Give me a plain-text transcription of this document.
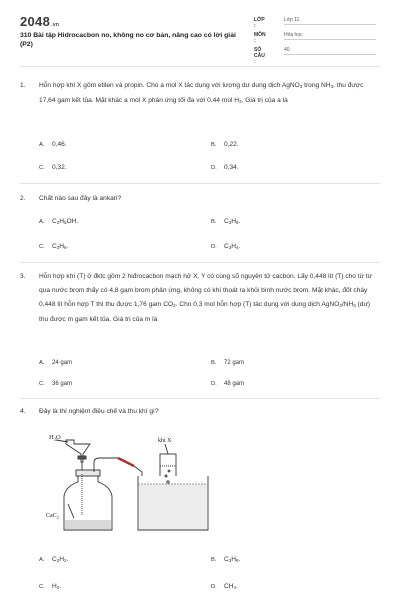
2048.vn
310 Bài tập Hidrocacbon no, không no cơ bản, nâng cao có lời giải (P2)
LỚP :
Lớp 11
MÔN :
Hóa học
SỐ CÂU :
40
1. Hỗn hợp khí X gồm etilen và propin. Cho a mol X tác dụng với lượng dư dung dịch AgNO$_3$ trong $NH_3$, thu được 17,64 gam kết tủa. Mặt khác a mol X phản ứng tối đa với 0,44 mol $H_2$. Giá trị của a là
A. 0,46.	B. 0,22.
C. 0,32.	D. 0,34.
2. Chất nào sau đây là ankan?
A. $C_2H_5OH$.	B. $C_3H_8$.
C. $C_3H_6$.	D. $C_3H_4$.
3. Hỗn hợp khí (T) ở đktc gồm 2 hiđrocacbon mạch hở X, Y có cùng số nguyên tử cacbon. Lấy 0,448 lít (T) cho từ từ qua nước brom thấy có 4,8 gam brom phản ứng, không có khí thoát ra khỏi bình nước brom. Mặt khác, đốt cháy 0,448 lít hỗn hợp T thì thu được 1,76 gam $CO_2$. Cho 0,3 mol hỗn hợp (T) tác dụng với dung dịch $AgNO_3/NH_3$ (dư) thu được m gam kết tủa. Giá trị của m là
A. 24 gam	B. 72 gam
C. 36 gam	D. 48 gam
4. Đây là thí nghiệm điều chế và thu khí gì?
$H_2O$	khí X
CaC$_2$
A. $C_2H_2$.	B. $C_3H_8$.
C. $H_2$.	D. $CH_4$.
